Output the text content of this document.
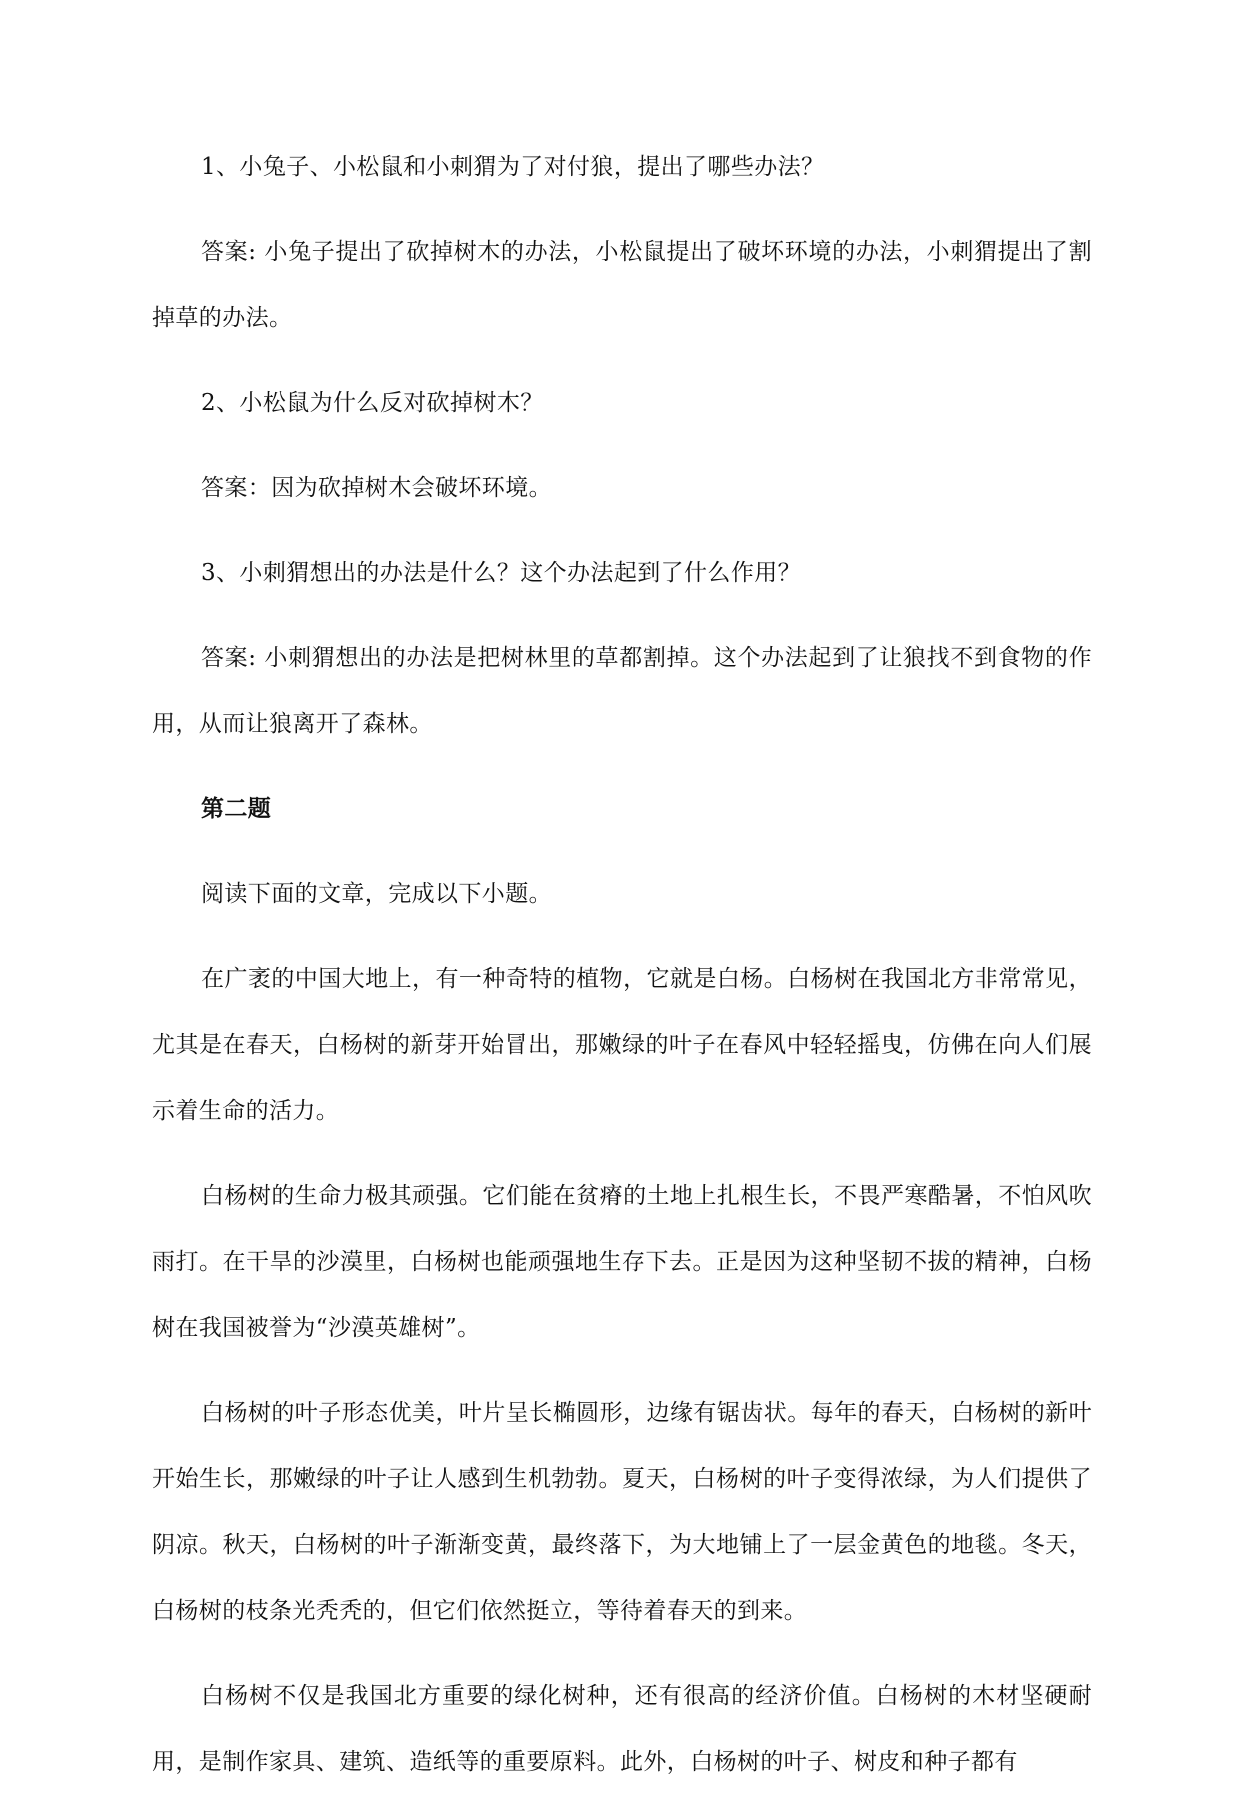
1、小兔子、小松鼠和小刺猬为了对付狼，提出了哪些办法？

答案: 小兔子提出了砍掉树木的办法，小松鼠提出了破坏环境的办法，小刺猬提出了割掉草的办法。

2、小松鼠为什么反对砍掉树木？

答案：因为砍掉树木会破坏环境。

3、小刺猬想出的办法是什么？这个办法起到了什么作用？

答案: 小刺猬想出的办法是把树林里的草都割掉。这个办法起到了让狼找不到食物的作用，从而让狼离开了森林。

第二题

阅读下面的文章，完成以下小题。

在广袤的中国大地上，有一种奇特的植物，它就是白杨。白杨树在我国北方非常常见，尤其是在春天，白杨树的新芽开始冒出，那嫩绿的叶子在春风中轻轻摇曳，仿佛在向人们展示着生命的活力。

白杨树的生命力极其顽强。它们能在贫瘠的土地上扎根生长，不畏严寒酷暑，不怕风吹雨打。在干旱的沙漠里，白杨树也能顽强地生存下去。正是因为这种坚韧不拔的精神，白杨树在我国被誉为“沙漠英雄树”。

白杨树的叶子形态优美，叶片呈长椭圆形，边缘有锯齿状。每年的春天，白杨树的新叶开始生长，那嫩绿的叶子让人感到生机勃勃。夏天，白杨树的叶子变得浓绿，为人们提供了阴凉。秋天，白杨树的叶子渐渐变黄，最终落下，为大地铺上了一层金黄色的地毯。冬天，白杨树的枝条光秃秃的，但它们依然挺立，等待着春天的到来。

白杨树不仅是我国北方重要的绿化树种，还有很高的经济价值。白杨树的木材坚硬耐用，是制作家具、建筑、造纸等的重要原料。此外，白杨树的叶子、树皮和种子都有
